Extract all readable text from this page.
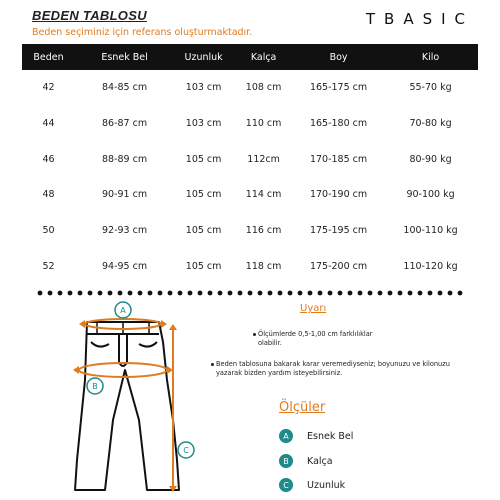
BEDEN TABLOSU
Beden seçiminiz için referans oluşturmaktadır.
TBASIC
Beden	Esnek Bel	Uzunluk	Kalça	Boy	Kilo
42	84-85 cm	103 cm	108 cm	165-175 cm	55-70 kg
44	86-87 cm	103 cm	110 cm	165-180 cm	70-80 kg
46	88-89 cm	105 cm	112cm	170-185 cm	80-90 kg
48	90-91 cm	105 cm	114 cm	170-190 cm	90-100 kg
50	92-93 cm	105 cm	116 cm	175-195 cm	100-110 kg
52	94-95 cm	105 cm	118 cm	175-200 cm	110-120 kg
A
B
C
Uyarı
Ölçümlerde 0,5-1,00 cm farklılıklar olabilir.
Beden tablosuna bakarak karar veremediyseniz; boyunuzu ve kilonuzu yazarak bizden yardım isteyebilirsiniz.
Ölçüler
A	Esnek Bel
B	Kalça
C	Uzunluk
